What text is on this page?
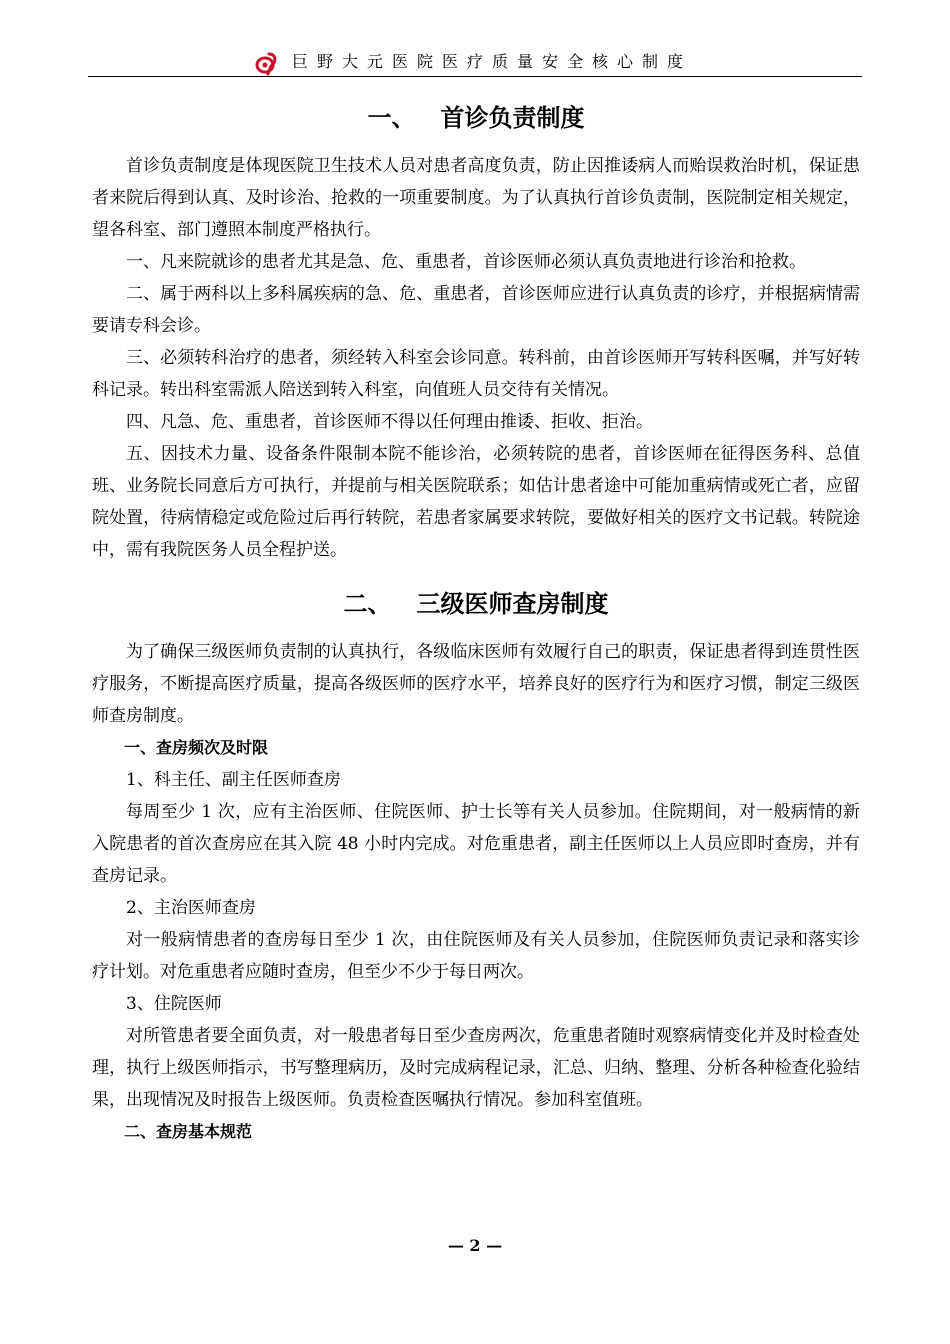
巨野大元医院医疗质量安全核心制度
一、   首诊负责制度

首诊负责制度是体现医院卫生技术人员对患者高度负责，防止因推诿病人而贻误救治时机，保证患者来院后得到认真、及时诊治、抢救的一项重要制度。为了认真执行首诊负责制，医院制定相关规定，望各科室、部门遵照本制度严格执行。

一、凡来院就诊的患者尤其是急、危、重患者，首诊医师必须认真负责地进行诊治和抢救。

二、属于两科以上多科属疾病的急、危、重患者，首诊医师应进行认真负责的诊疗，并根据病情需要请专科会诊。

三、必须转科治疗的患者，须经转入科室会诊同意。转科前，由首诊医师开写转科医嘱，并写好转科记录。转出科室需派人陪送到转入科室，向值班人员交待有关情况。

四、凡急、危、重患者，首诊医师不得以任何理由推诿、拒收、拒治。

五、因技术力量、设备条件限制本院不能诊治，必须转院的患者，首诊医师在征得医务科、总值班、业务院长同意后方可执行，并提前与相关医院联系；如估计患者途中可能加重病情或死亡者，应留院处置，待病情稳定或危险过后再行转院，若患者家属要求转院，要做好相关的医疗文书记载。转院途中，需有我院医务人员全程护送。

二、   三级医师查房制度

为了确保三级医师负责制的认真执行，各级临床医师有效履行自己的职责，保证患者得到连贯性医疗服务，不断提高医疗质量，提高各级医师的医疗水平，培养良好的医疗行为和医疗习惯，制定三级医师查房制度。

一、查房频次及时限

1、科主任、副主任医师查房

每周至少 1 次，应有主治医师、住院医师、护士长等有关人员参加。住院期间，对一般病情的新入院患者的首次查房应在其入院 48 小时内完成。对危重患者，副主任医师以上人员应即时查房，并有查房记录。

2、主治医师查房

对一般病情患者的查房每日至少 1 次，由住院医师及有关人员参加，住院医师负责记录和落实诊疗计划。对危重患者应随时查房，但至少不少于每日两次。

3、住院医师

对所管患者要全面负责，对一般患者每日至少查房两次，危重患者随时观察病情变化并及时检查处理，执行上级医师指示，书写整理病历，及时完成病程记录，汇总、归纳、整理、分析各种检查化验结果，出现情况及时报告上级医师。负责检查医嘱执行情况。参加科室值班。

二、查房基本规范

— 2 —
